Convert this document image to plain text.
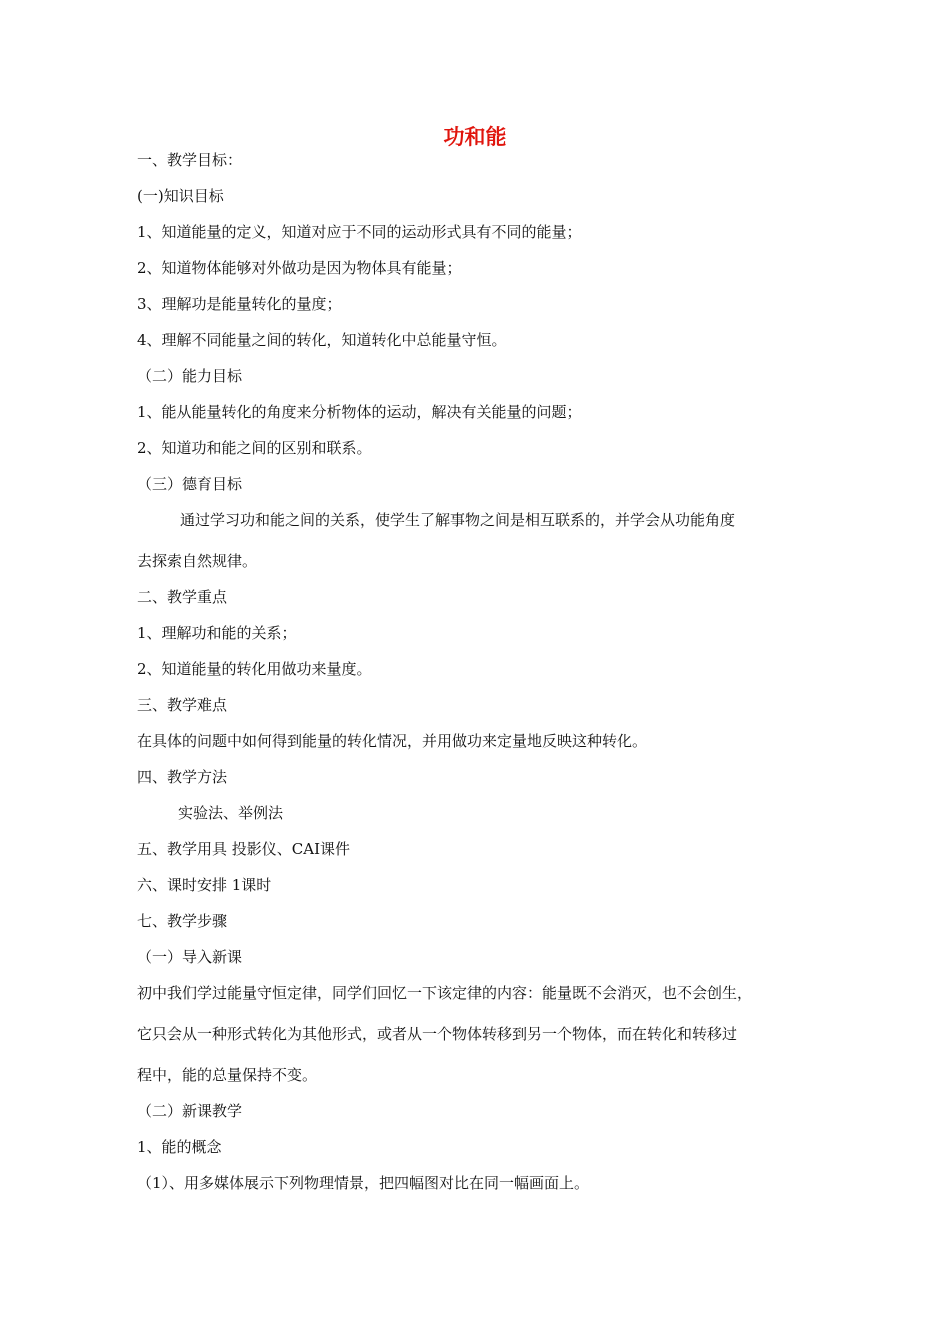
功和能
一、教学目标：
(一)知识目标
1、知道能量的定义，知道对应于不同的运动形式具有不同的能量；
2、知道物体能够对外做功是因为物体具有能量；
3、理解功是能量转化的量度；
4、理解不同能量之间的转化，知道转化中总能量守恒。
（二）能力目标
1、能从能量转化的角度来分析物体的运动，解决有关能量的问题；
2、知道功和能之间的区别和联系。
（三）德育目标
通过学习功和能之间的关系，使学生了解事物之间是相互联系的，并学会从功能角度
去探索自然规律。
二、教学重点
1、理解功和能的关系；
2、知道能量的转化用做功来量度。
三、教学难点
在具体的问题中如何得到能量的转化情况，并用做功来定量地反映这种转化。
四、教学方法
实验法、举例法
五、教学用具 投影仪、CAI课件
六、课时安排 1课时
七、教学步骤
（一）导入新课
初中我们学过能量守恒定律，同学们回忆一下该定律的内容：能量既不会消灭，也不会创生，
它只会从一种形式转化为其他形式，或者从一个物体转移到另一个物体，而在转化和转移过
程中，能的总量保持不变。
（二）新课教学
1、能的概念
（1）、用多媒体展示下列物理情景，把四幅图对比在同一幅画面上。
